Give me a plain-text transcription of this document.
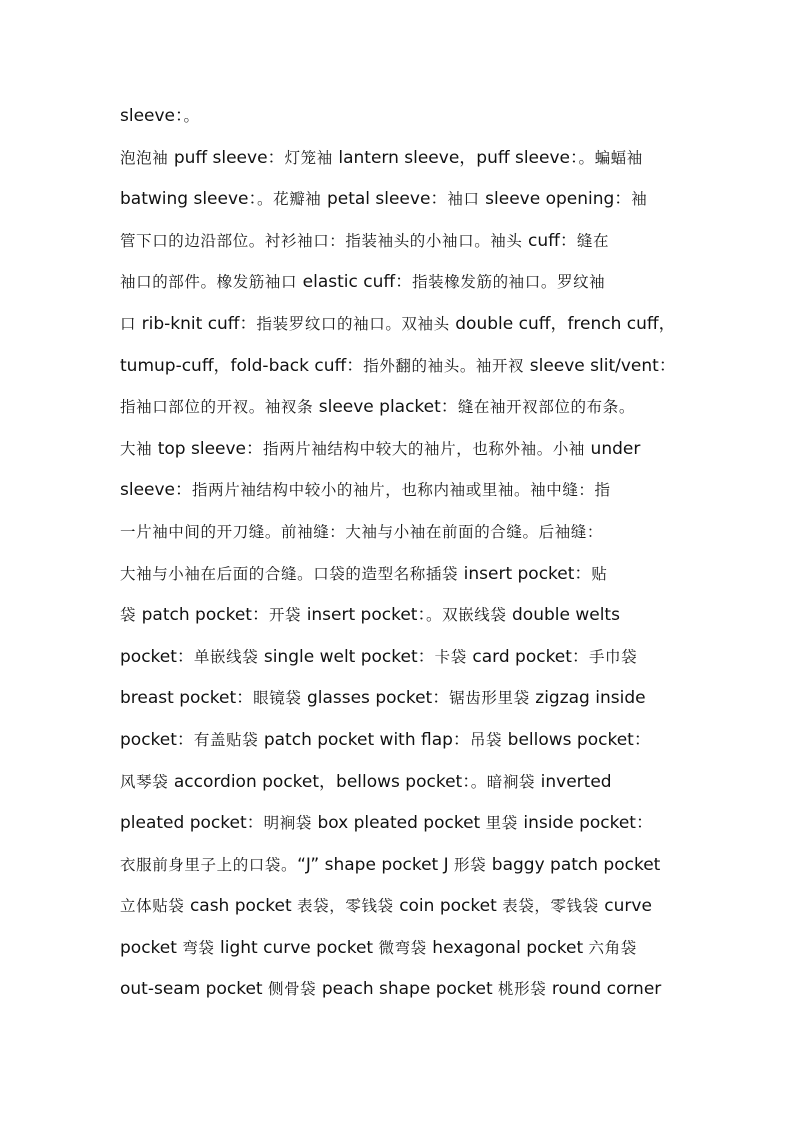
sleeve：。
泡泡袖 puff sleeve：灯笼袖 lantern sleeve，puff sleeve：。蝙蝠袖
batwing sleeve：。花瓣袖 petal sleeve：袖口 sleeve opening：袖
管下口的边沿部位。衬衫袖口：指装袖头的小袖口。袖头 cuff：缝在
袖口的部件。橡发筋袖口 elastic cuff：指装橡发筋的袖口。罗纹袖
口 rib-knit cuff：指装罗纹口的袖口。双袖头 double cuff，french cuff，
tumup-cuff，fold-back cuff：指外翻的袖头。袖开衩 sleeve slit/vent：
指袖口部位的开衩。袖衩条 sleeve placket：缝在袖开衩部位的布条。
大袖 top sleeve：指两片袖结构中较大的袖片，也称外袖。小袖 under
sleeve：指两片袖结构中较小的袖片，也称内袖或里袖。袖中缝：指
一片袖中间的开刀缝。前袖缝：大袖与小袖在前面的合缝。后袖缝：
大袖与小袖在后面的合缝。口袋的造型名称插袋 insert pocket：贴
袋 patch pocket：开袋 insert pocket：。双嵌线袋 double welts
pocket：单嵌线袋 single welt pocket：卡袋 card pocket：手巾袋
breast pocket：眼镜袋 glasses pocket：锯齿形里袋 zigzag inside
pocket：有盖贴袋 patch pocket with flap：吊袋 bellows pocket：
风琴袋 accordion pocket，bellows pocket：。暗裥袋 inverted
pleated pocket：明裥袋 box pleated pocket 里袋 inside pocket：
衣服前身里子上的口袋。“J” shape pocket J 形袋 baggy patch pocket
立体贴袋 cash pocket 表袋，零钱袋 coin pocket 表袋，零钱袋 curve
pocket 弯袋 light curve pocket 微弯袋 hexagonal pocket 六角袋
out-seam pocket 侧骨袋 peach shape pocket 桃形袋 round corner
